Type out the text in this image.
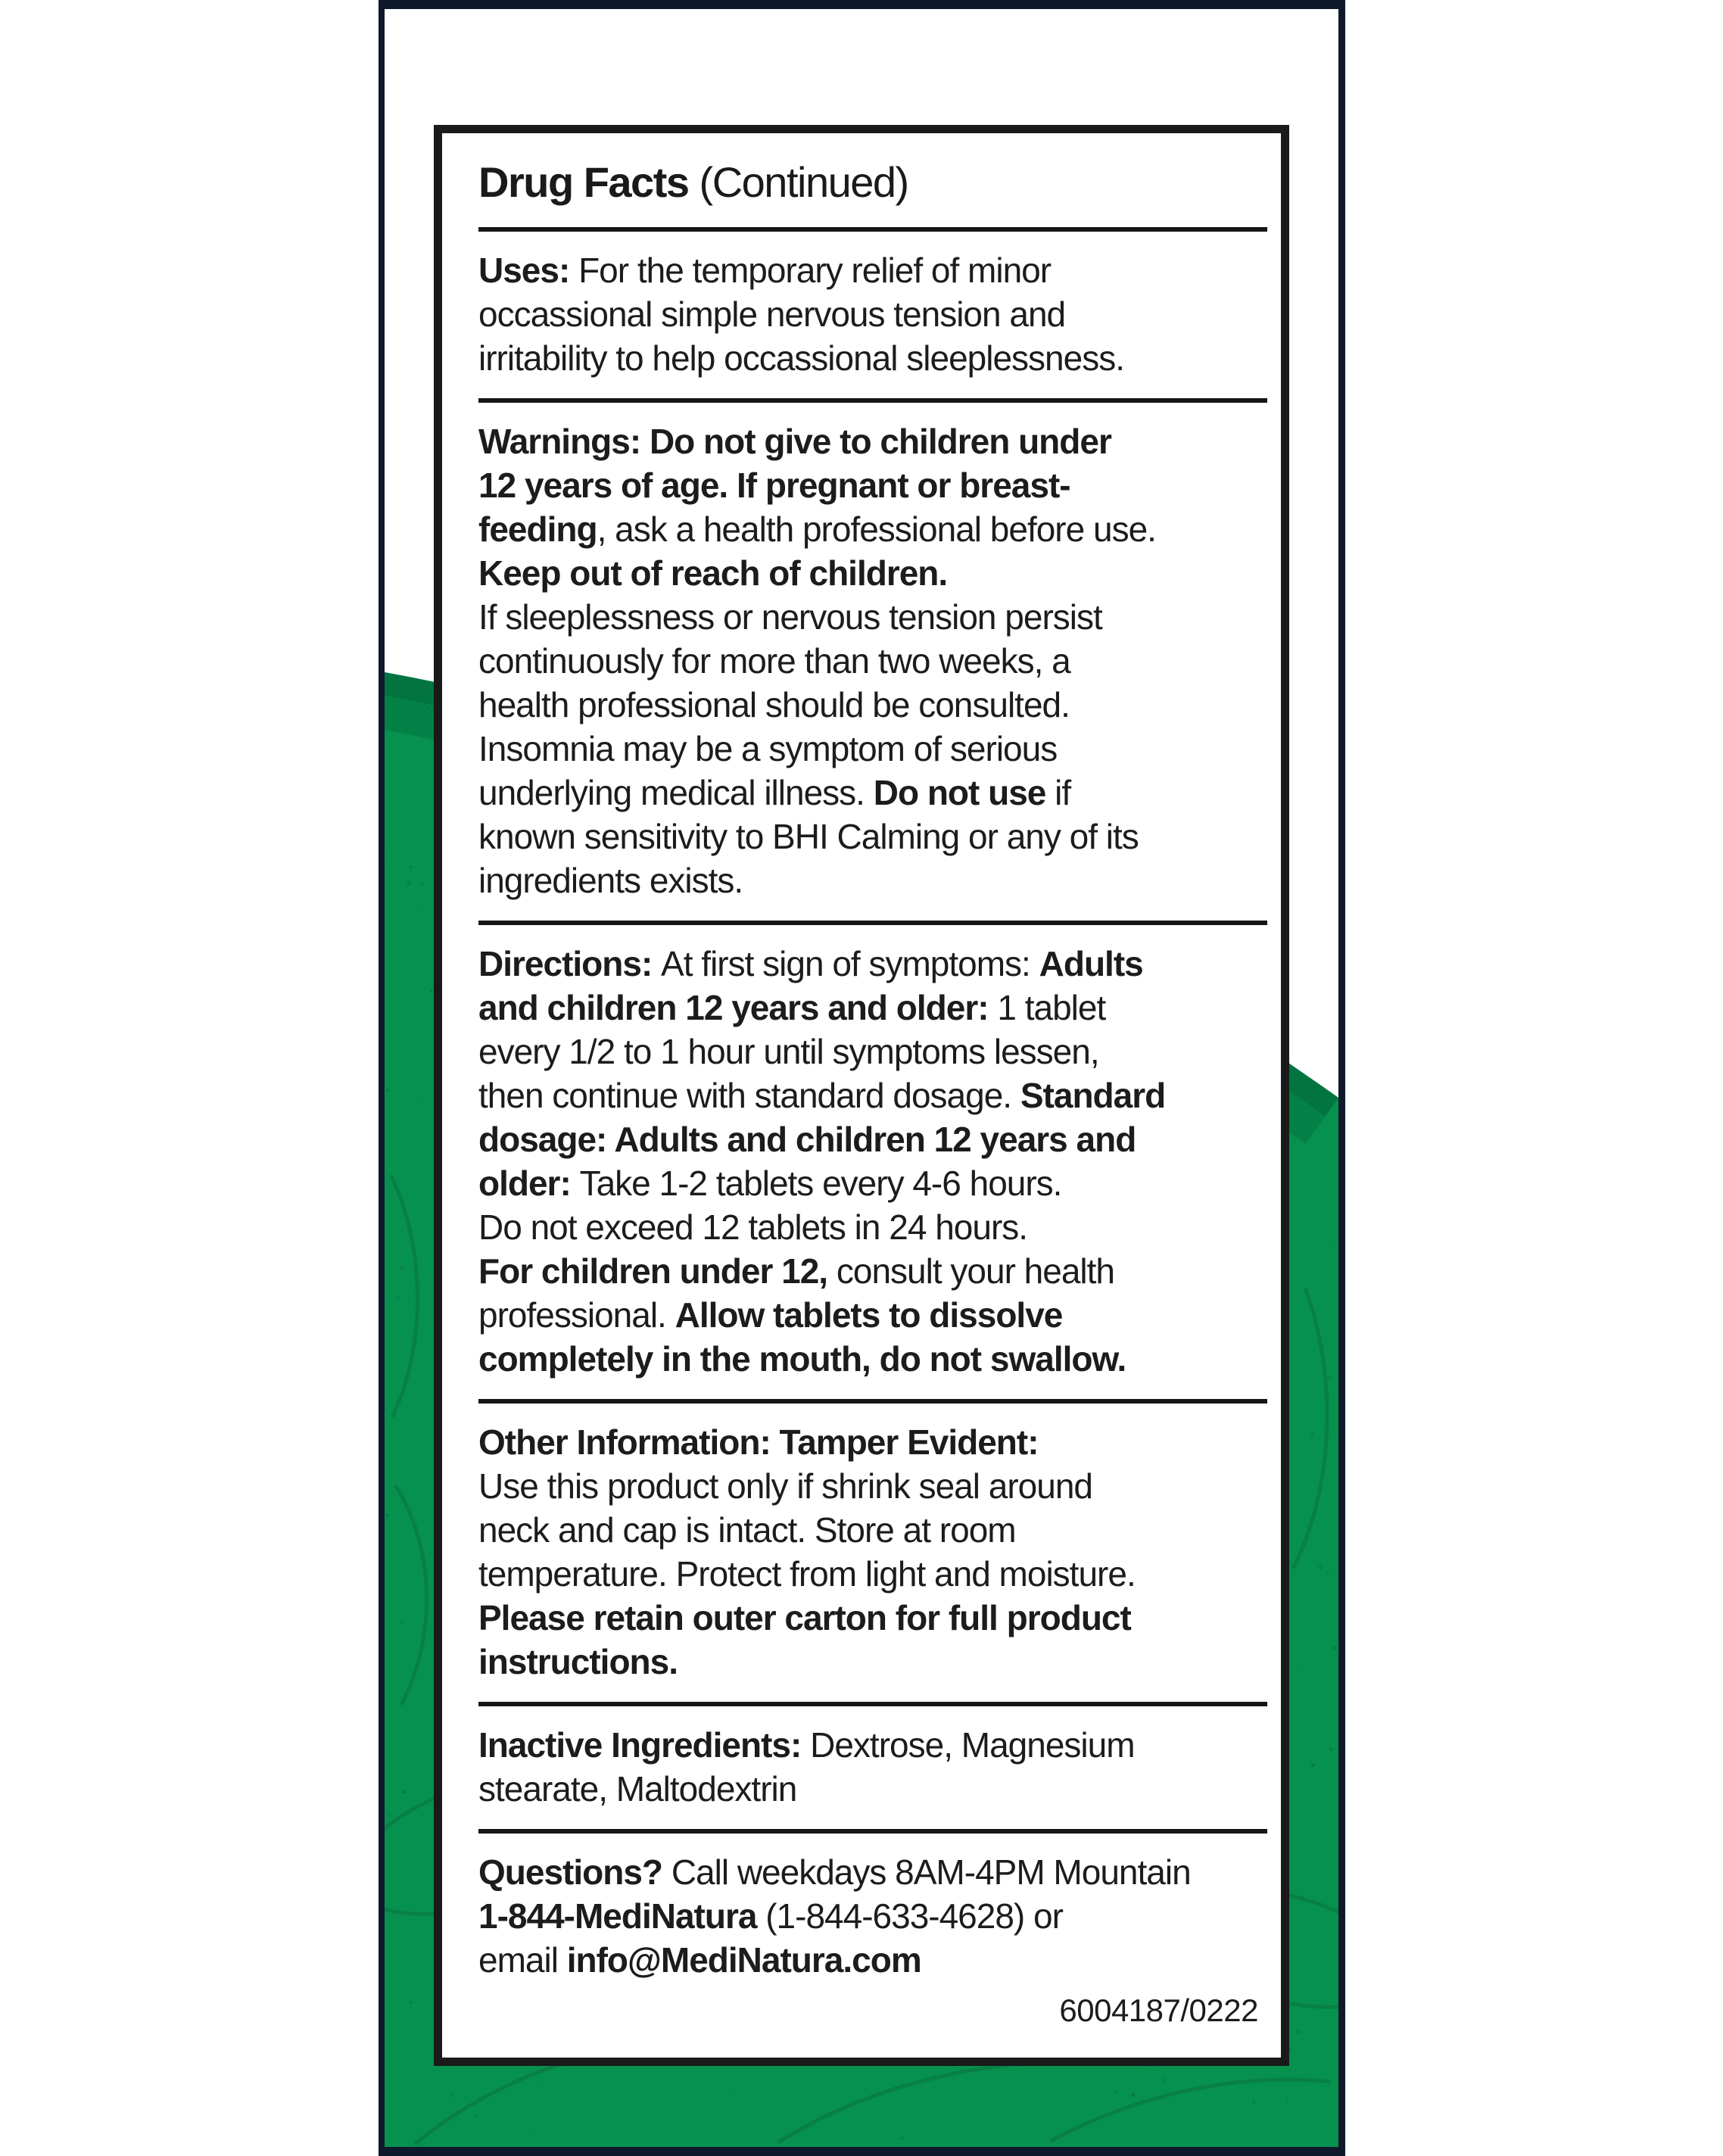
Drug Facts (Continued)
Uses: For the temporary relief of minor
occassional simple nervous tension and
irritability to help occassional sleeplessness.
Warnings: Do not give to children under
12 years of age. If pregnant or breast-
feeding, ask a health professional before use.
Keep out of reach of children.
If sleeplessness or nervous tension persist
continuously for more than two weeks, a
health professional should be consulted.
Insomnia may be a symptom of serious
underlying medical illness. Do not use if
known sensitivity to BHI Calming or any of its
ingredients exists.
Directions: At first sign of symptoms: Adults
and children 12 years and older: 1 tablet
every 1/2 to 1 hour until symptoms lessen,
then continue with standard dosage. Standard
dosage: Adults and children 12 years and
older: Take 1-2 tablets every 4-6 hours.
Do not exceed 12 tablets in 24 hours.
For children under 12, consult your health
professional. Allow tablets to dissolve
completely in the mouth, do not swallow.
Other Information: Tamper Evident:
Use this product only if shrink seal around
neck and cap is intact. Store at room
temperature. Protect from light and moisture.
Please retain outer carton for full product
instructions.
Inactive Ingredients: Dextrose, Magnesium
stearate, Maltodextrin
Questions? Call weekdays 8AM-4PM Mountain
1-844-MediNatura (1-844-633-4628) or
email info@MediNatura.com
6004187/0222
